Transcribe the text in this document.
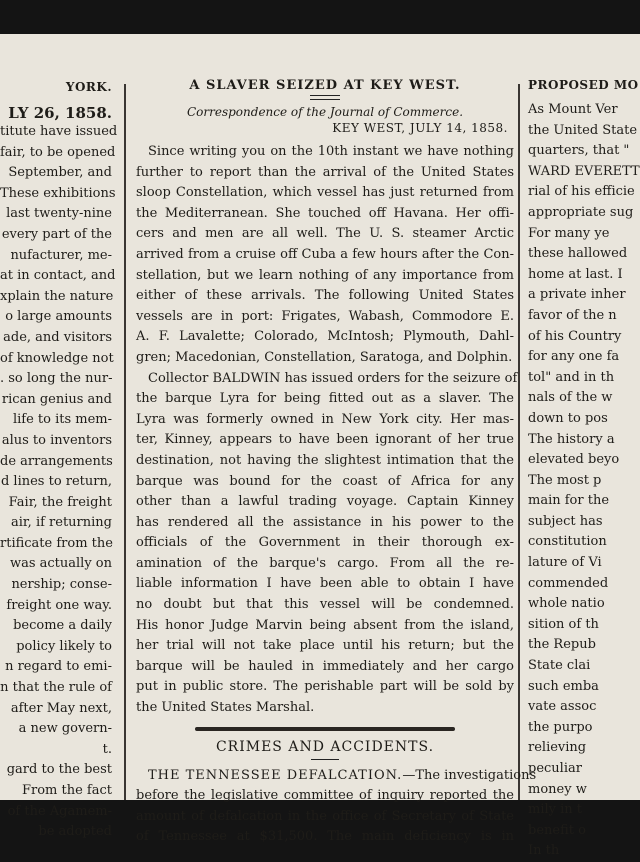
YORK.
LY 26, 1858.
titute have issued
fair, to be opened
September, and
These exhibitions
last twenty-nine
every part of the
nufacturer, me-
at in contact, and
xplain the nature
o large amounts
ade, and visitors
of knowledge not
. so long the nur-
rican genius and
life to its mem-
alus to inventors
de arrangements
d lines to return,
Fair, the freight
air, if returning
rtificate from the
was actually on
nership; conse-
freight one way.
become a daily
policy likely to
n regard to emi-
n that the rule of
after May next,
a new govern-
t.
gard to the best
From the fact
of the Agamem-
be adopted
A SLAVER SEIZED AT KEY WEST.
Correspondence of the Journal of Commerce.
KEY WEST, JULY 14, 1858.
Since writing you on the 10th instant we have nothing
further to report than the arrival of the United States
sloop Constellation, which vessel has just returned from
the Mediterranean. She touched off Havana. Her offi-
cers and men are all well. The U. S. steamer Arctic
arrived from a cruise off Cuba a few hours after the Con-
stellation, but we learn nothing of any importance from
either of these arrivals. The following United States
vessels are in port: Frigates, Wabash, Commodore E.
A. F. Lavalette; Colorado, McIntosh; Plymouth, Dahl-
gren; Macedonian, Constellation, Saratoga, and Dolphin.
Collector BALDWIN has issued orders for the seizure of
the barque Lyra for being fitted out as a slaver. The
Lyra was formerly owned in New York city. Her mas-
ter, Kinney, appears to have been ignorant of her true
destination, not having the slightest intimation that the
barque was bound for the coast of Africa for any
other than a lawful trading voyage. Captain Kinney
has rendered all the assistance in his power to the
officials of the Government in their thorough ex-
amination of the barque's cargo. From all the re-
liable information I have been able to obtain I have
no doubt but that this vessel will be condemned.
His honor Judge Marvin being absent from the island,
her trial will not take place until his return; but the
barque will be hauled in immediately and her cargo
put in public store. The perishable part will be sold by
the United States Marshal.
CRIMES AND ACCIDENTS.
THE TENNESSEE DEFALCATION.—The investigations
before the legislative committee of inquiry reported the
amount of defalcation in the office of Secretary of State
of Tennessee at $31,500. The main deficiency is in
PROPOSED MO
As Mount Ver
the United State
quarters, that "
WARD EVERETT
rial of his efficie
appropriate sug
For many ye
these hallowed
home at last. I
a private inher
favor of the n
of his Country
for any one fa
tol" and in th
nals of the w
down to pos
The history a
elevated beyo
The most p
main for the
subject has
constitution
lature of Vi
commended
whole natio
sition of th
the Repub
State clai
such emba
vate assoc
the purpo
relieving
peculiar
money w
mily in t
benefit o
In th
